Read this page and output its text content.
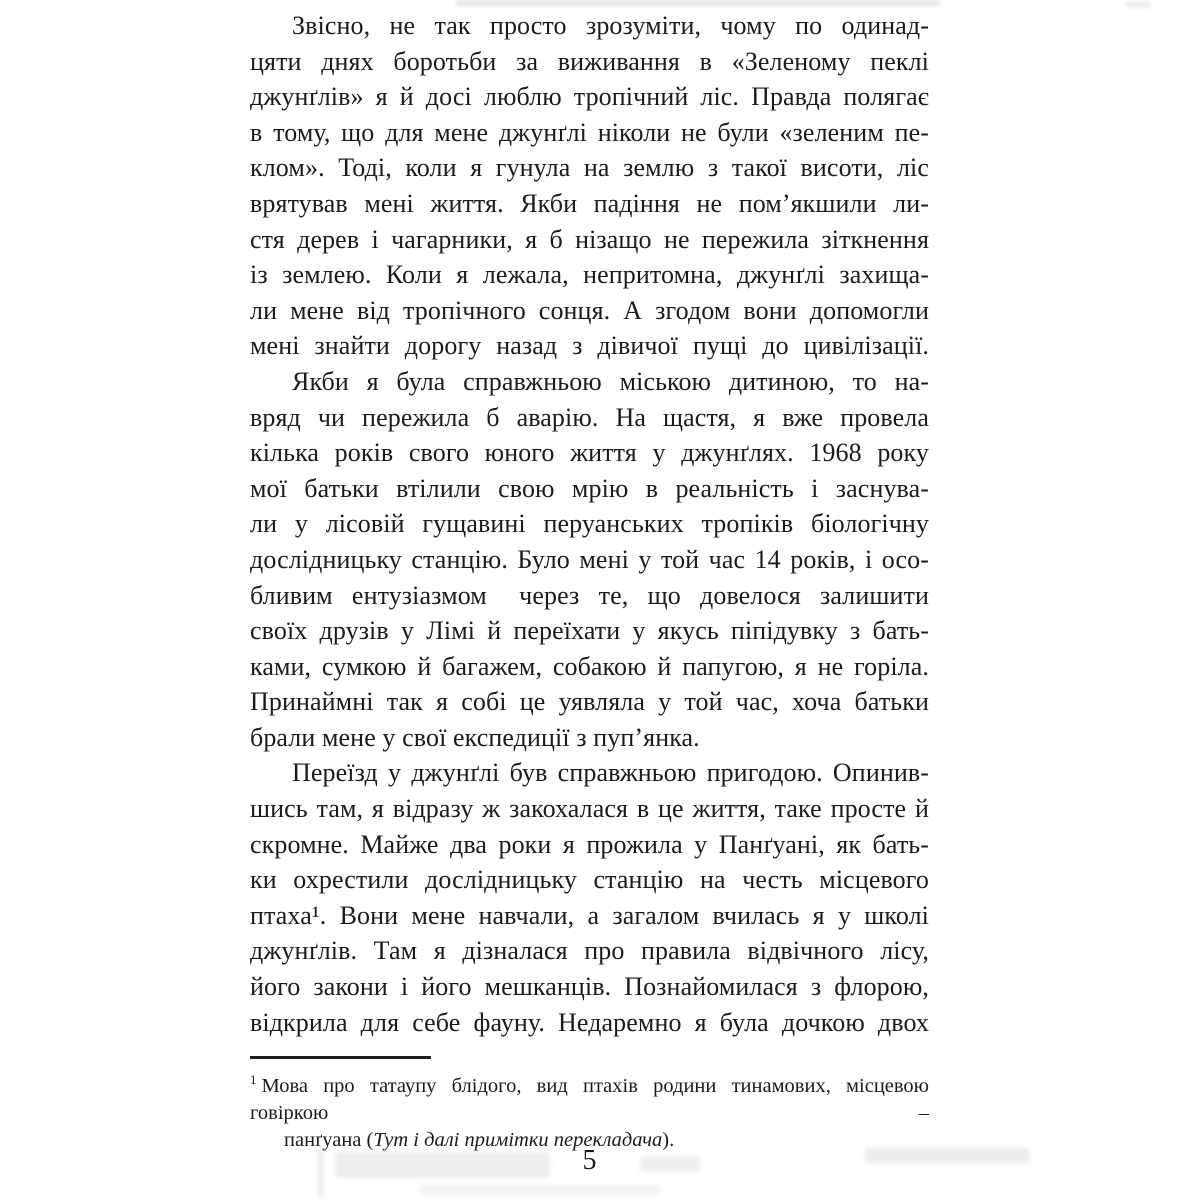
Звісно, не так просто зрозуміти, чому по одинад-
цяти днях боротьби за виживання в «Зеленому пеклі
джунґлів» я й досі люблю тропічний ліс. Правда полягає
в тому, що для мене джунґлі ніколи не були «зеленим пе-
клом». Тоді, коли я гунула на землю з такої висоти, ліс
врятував мені життя. Якби падіння не пом’якшили ли-
стя дерев і чагарники, я б нізащо не пережила зіткнення
із землею. Коли я лежала, непритомна, джунґлі захища-
ли мене від тропічного сонця. А згодом вони допомогли
мені знайти дорогу назад з дівичої пущі до цивілізації.
Якби я була справжньою міською дитиною, то на-
вряд чи пережила б аварію. На щастя, я вже провела
кілька років свого юного життя у джунґлях. 1968 року
мої батьки втілили свою мрію в реальність і заснува-
ли у лісовій гущавині перуанських тропіків біологічну
дослідницьку станцію. Було мені у той час 14 років, і осо-
бливим ентузіазмом  через те, що довелося залишити
своїх друзів у Лімі й переїхати у якусь піпідувку з бать-
ками, сумкою й багажем, собакою й папугою, я не горіла.
Принаймні так я собі це уявляла у той час, хоча батьки
брали мене у свої експедиції з пуп’янка.
Переїзд у джунґлі був справжньою пригодою. Опинив-
шись там, я відразу ж закохалася в це життя, таке просте й
скромне. Майже два роки я прожила у Панґуані, як бать-
ки охрестили дослідницьку станцію на честь місцевого
птаха¹. Вони мене навчали, а загалом вчилась я у школі
джунґлів. Там я дізналася про правила відвічного лісу,
його закони і його мешканців. Познайомилася з флорою,
відкрила для себе фауну. Недаремно я була дочкою двох
$^1$ Мова про татаупу блідого, вид птахів родини тинамових, місцевою говіркою –
панґуана (Тут і далі примітки перекладача).
5
